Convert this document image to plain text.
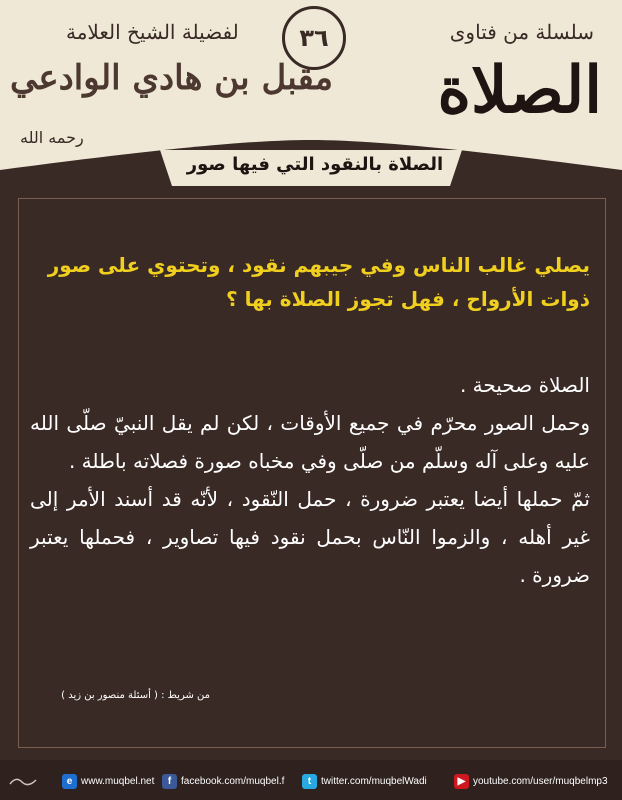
سلسلة من فتاوى
٣٦
لفضيلة الشيخ العلامة
الصلاة
مقبل بن هادي الوادعي
رحمه الله
الصلاة بالنقود التي فيها صور
يصلي غالب الناس وفي جيبهم نقود ، وتحتوي على صور ذوات الأرواح ، فهل تجوز الصلاة بها ؟

الصلاة صحيحة .

وحمل الصور محرّم في جميع الأوقات ، لكن لم يقل النبيّ صلّى الله عليه وعلى آله وسلّم من صلّى وفي مخباه صورة فصلاته باطلة .

ثمّ حملها أيضا يعتبر ضرورة ، حمل النّقود ، لأنّه قد أسند الأمر إلى غير أهله ، والزموا النّاس بحمل نقود فيها تصاوير ، فحملها يعتبر ضرورة .

من شريط : ( أسئلة منصور بن زيد )
e www.muqbel.net	f facebook.com/muqbel.f	t twitter.com/muqbelWadi	▶ youtube.com/user/muqbelmp3
